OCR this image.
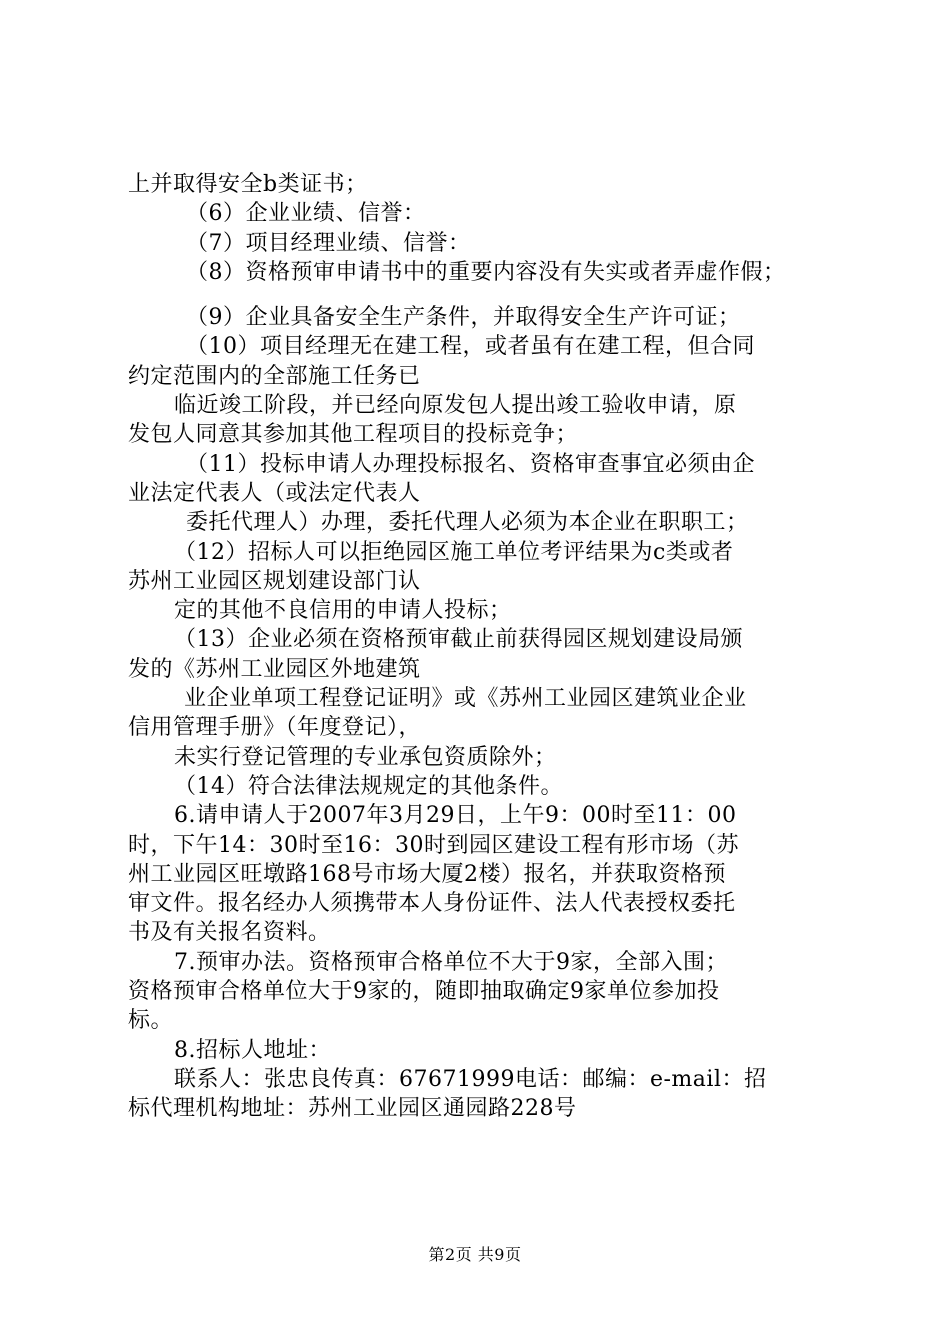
上并取得安全b类证书；
（6）企业业绩、信誉：
（7）项目经理业绩、信誉：
（8）资格预审申请书中的重要内容没有失实或者弄虚作假；
（9）企业具备安全生产条件，并取得安全生产许可证；
（10）项目经理无在建工程，或者虽有在建工程，但合同
约定范围内的全部施工任务已
临近竣工阶段，并已经向原发包人提出竣工验收申请，原
发包人同意其参加其他工程项目的投标竞争；
（11）投标申请人办理投标报名、资格审查事宜必须由企
业法定代表人（或法定代表人
委托代理人）办理，委托代理人必须为本企业在职职工；
（12）招标人可以拒绝园区施工单位考评结果为c类或者
苏州工业园区规划建设部门认
定的其他不良信用的申请人投标；
（13）企业必须在资格预审截止前获得园区规划建设局颁
发的《苏州工业园区外地建筑
业企业单项工程登记证明》或《苏州工业园区建筑业企业
信用管理手册》（年度登记），
未实行登记管理的专业承包资质除外；
（14）符合法律法规规定的其他条件。
6.请申请人于2007年3月29日，上午9：00时至11：00
时，下午14：30时至16：30时到园区建设工程有形市场（苏
州工业园区旺墩路168号市场大厦2楼）报名，并获取资格预
审文件。报名经办人须携带本人身份证件、法人代表授权委托
书及有关报名资料。
7.预审办法。资格预审合格单位不大于9家，全部入围；
资格预审合格单位大于9家的，随即抽取确定9家单位参加投
标。
8.招标人地址：
联系人：张忠良传真：67671999电话：邮编：e-mail：招
标代理机构地址：苏州工业园区通园路228号
第2页 共9页
